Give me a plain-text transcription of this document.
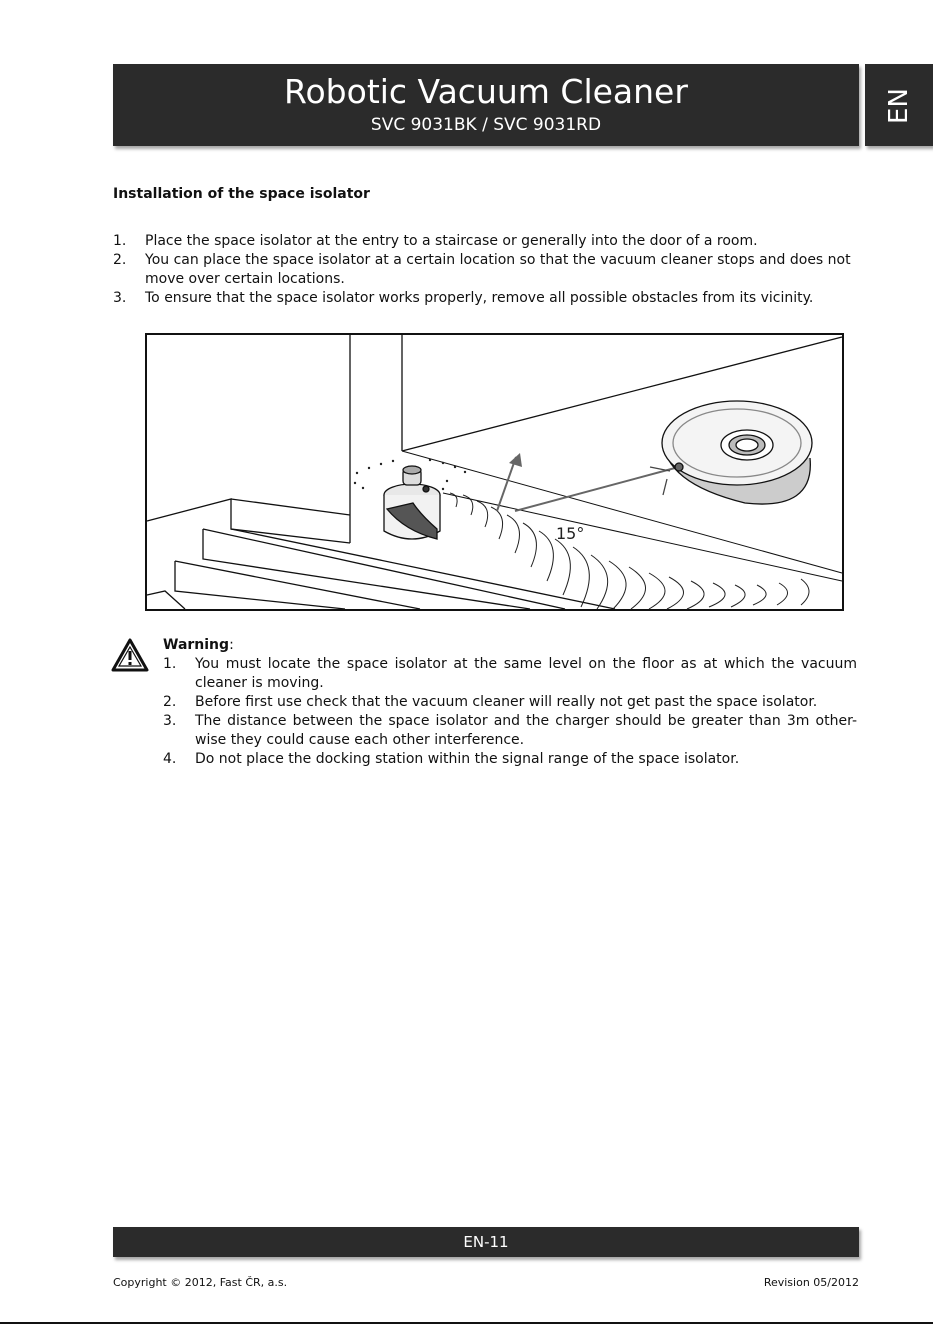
Robotic Vacuum Cleaner
SVC 9031BK / SVC 9031RD
EN
Installation of the space isolator
1. Place the space isolator at the entry to a staircase or generally into the door of a room.
2. You can place the space isolator at a certain location so that the vacuum cleaner stops and does not move over certain locations.
3. To ensure that the space isolator works properly, remove all possible obstacles from its vicinity.
15°
Warning:
1. You must locate the space isolator at the same level on the floor as at which the vacuum cleaner is moving.
2. Before first use check that the vacuum cleaner will really not get past the space isolator.
3. The distance between the space isolator and the charger should be greater than 3m other-wise they could cause each other interference.
4. Do not place the docking station within the signal range of the space isolator.
EN-11
Copyright © 2012, Fast ČR, a.s.	Revision 05/2012
